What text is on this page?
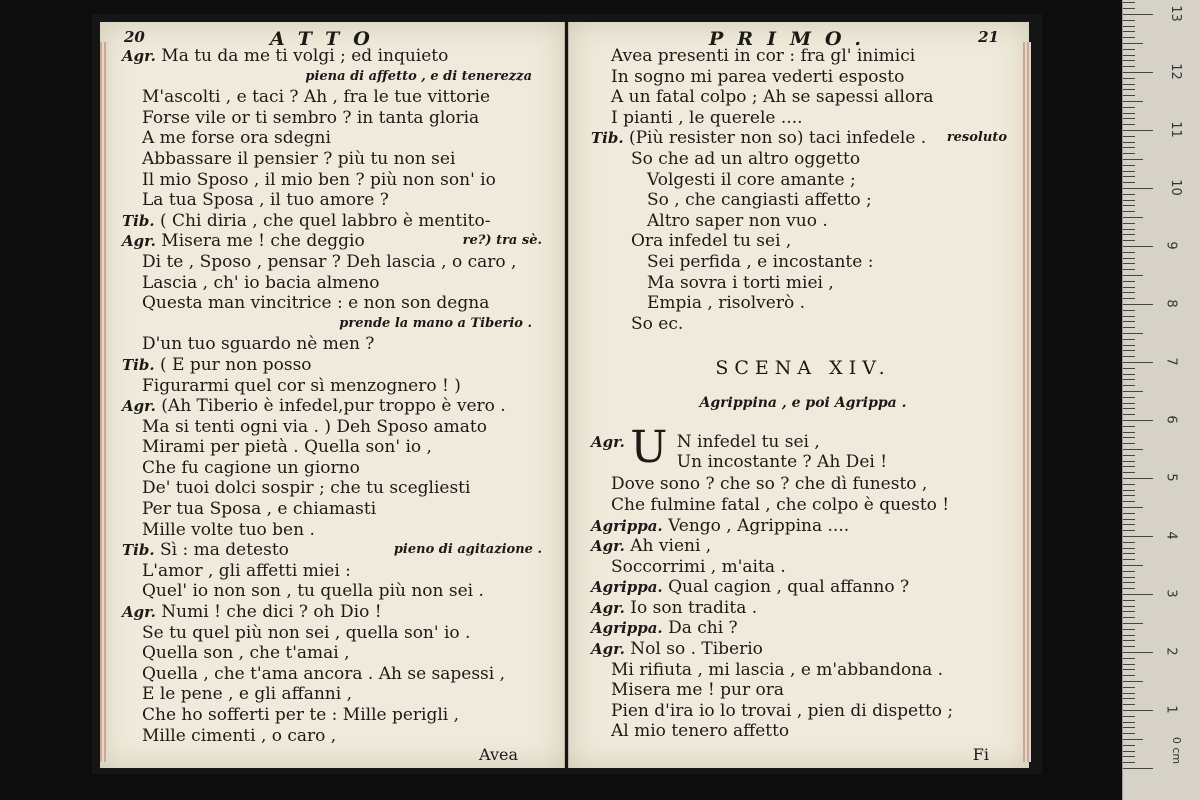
20	ATTO
Agr. Ma tu da me ti volgi ; ed inquieto
piena di affetto , e di tenerezza
M'ascolti , e taci ? Ah , fra le tue vittorie
Forse vile or ti sembro ? in tanta gloria
A me forse ora sdegni
Abbassare il pensier ? più tu non sei
Il mio Sposo , il mio ben ? più non son' io
La tua Sposa , il tuo amore ?
Tib. ( Chi diria , che quel labbro è mentito-
Agr. Misera me ! che deggio	re?) tra sè.
Di te , Sposo , pensar ? Deh lascia , o caro ,
Lascia , ch' io bacia almeno
Questa man vincitrice : e non son degna
prende la mano a Tiberio .
D'un tuo sguardo nè men ?
Tib. ( E pur non posso
Figurarmi quel cor sì menzognero ! )
Agr. (Ah Tiberio è infedel,pur troppo è vero .
Ma si tenti ogni via . ) Deh Sposo amato
Mirami per pietà . Quella son' io ,
Che fu cagione un giorno
De' tuoi dolci sospir ; che tu scegliesti
Per tua Sposa , e chiamasti
Mille volte tuo ben .
Tib. Sì : ma detesto	pieno di agitazione .
L'amor , gli affetti miei :
Quel' io non son , tu quella più non sei .
Agr. Numi ! che dici ? oh Dio !
Se tu quel più non sei , quella son' io .
Quella son , che t'amai ,
Quella , che t'ama ancora . Ah se sapessi ,
E le pene , e gli affanni ,
Che ho sofferti per te : Mille perigli ,
Mille cimenti , o caro ,
Avea
PRIMO.	21
Avea presenti in cor : fra gl' inimici
In sogno mi parea vederti esposto
A un fatal colpo ; Ah se sapessi allora
I pianti , le querele ....
Tib. (Più resister non so) taci infedele . resoluto
So che ad un altro oggetto
Volgesti il core amante ;
So , che cangiasti affetto ;
Altro saper non vuo .
Ora infedel tu sei ,
Sei perfida , e incostante :
Ma sovra i torti miei ,
Empia , risolverò .
So ec.
SCENA XIV.
Agrippina , e poi Agrippa .
Agr. U N infedel tu sei ,
Un incostante ? Ah Dei !
Dove sono ? che so ? che dì funesto ,
Che fulmine fatal , che colpo è questo !
Agrippa. Vengo , Agrippina ....
Agr. Ah vieni ,
Soccorrimi , m'aita .
Agrippa. Qual cagion , qual affanno ?
Agr. Io son tradita .
Agrippa. Da chi ?
Agr. Nol so . Tiberio
Mi rifiuta , mi lascia , e m'abbandona .
Misera me ! pur ora
Pien d'ira io lo trovai , pien di dispetto ;
Al mio tenero affetto
Fi	0 cm
13
12
11
10
9
8
7
6
5
4
3
2
1
